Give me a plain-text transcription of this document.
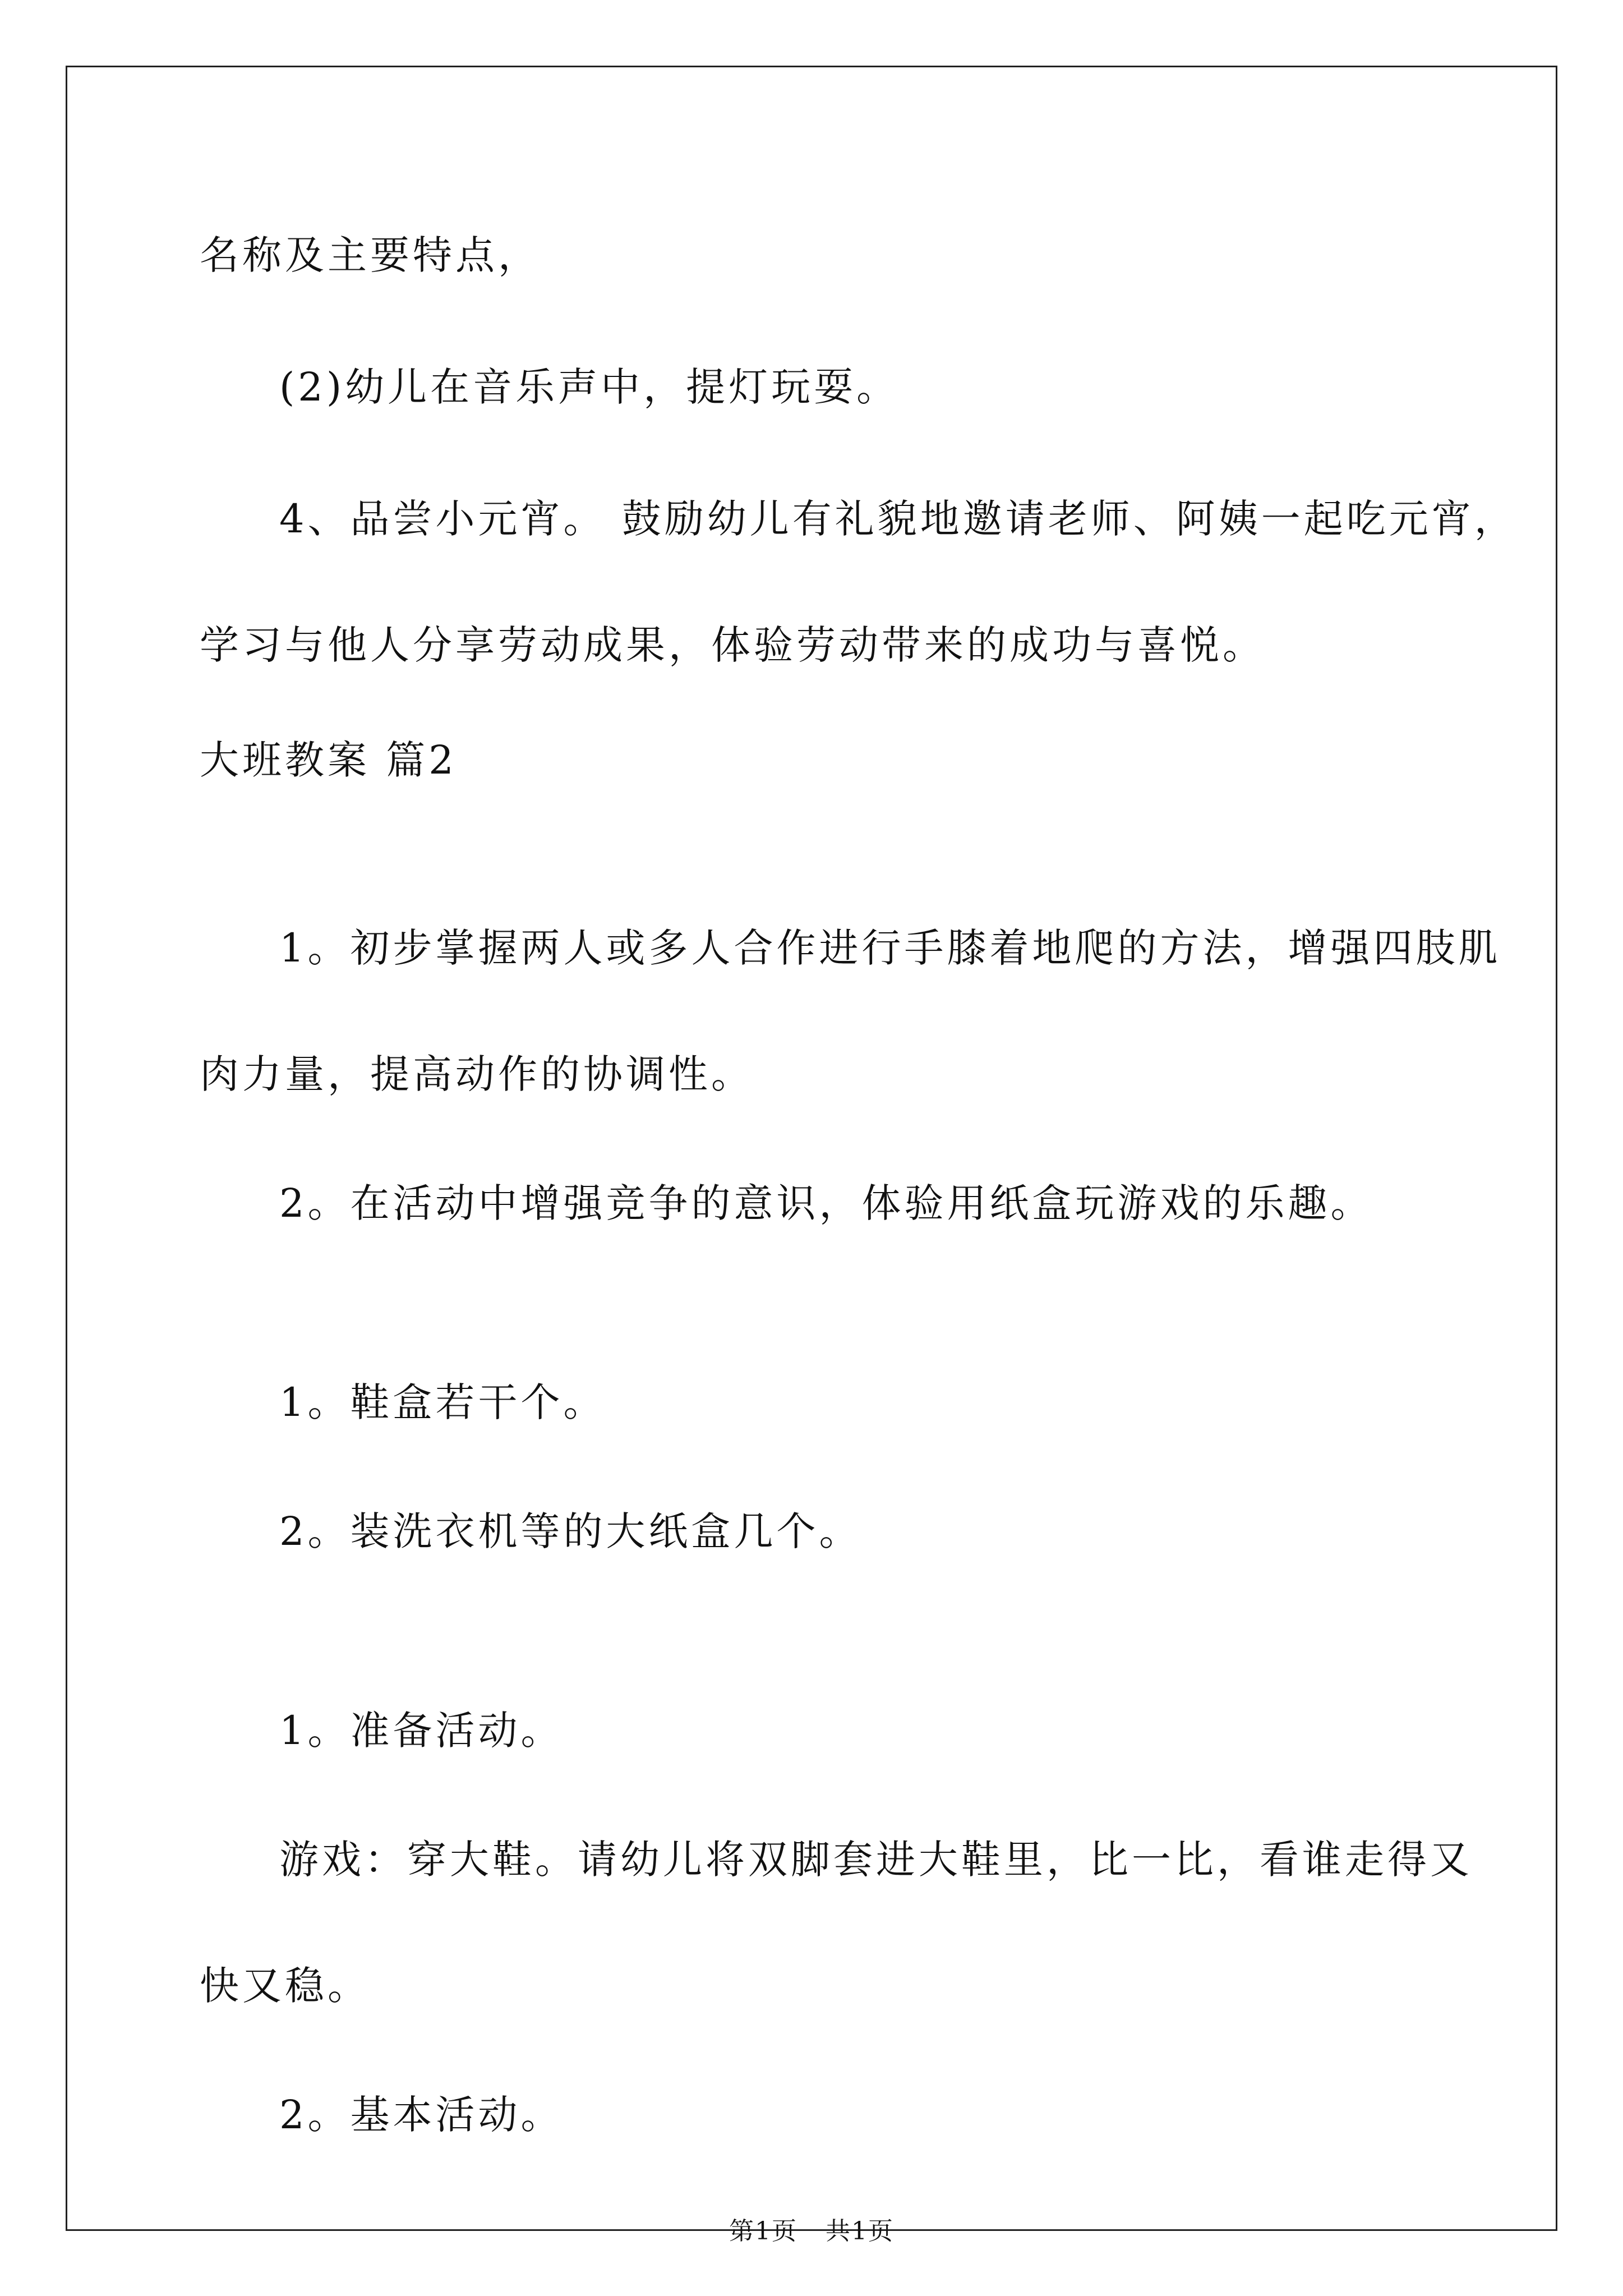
名称及主要特点，
(2)幼儿在音乐声中，提灯玩耍。
4、品尝小元宵。 鼓励幼儿有礼貌地邀请老师、阿姨一起吃元宵，
学习与他人分享劳动成果，体验劳动带来的成功与喜悦。
大班教案 篇2
1。初步掌握两人或多人合作进行手膝着地爬的方法，增强四肢肌
肉力量，提高动作的协调性。
2。在活动中增强竞争的意识，体验用纸盒玩游戏的乐趣。
1。鞋盒若干个。
2。装洗衣机等的大纸盒几个。
1。准备活动。
游戏：穿大鞋。请幼儿将双脚套进大鞋里，比一比，看谁走得又
快又稳。
2。基本活动。
第1页 共1页
